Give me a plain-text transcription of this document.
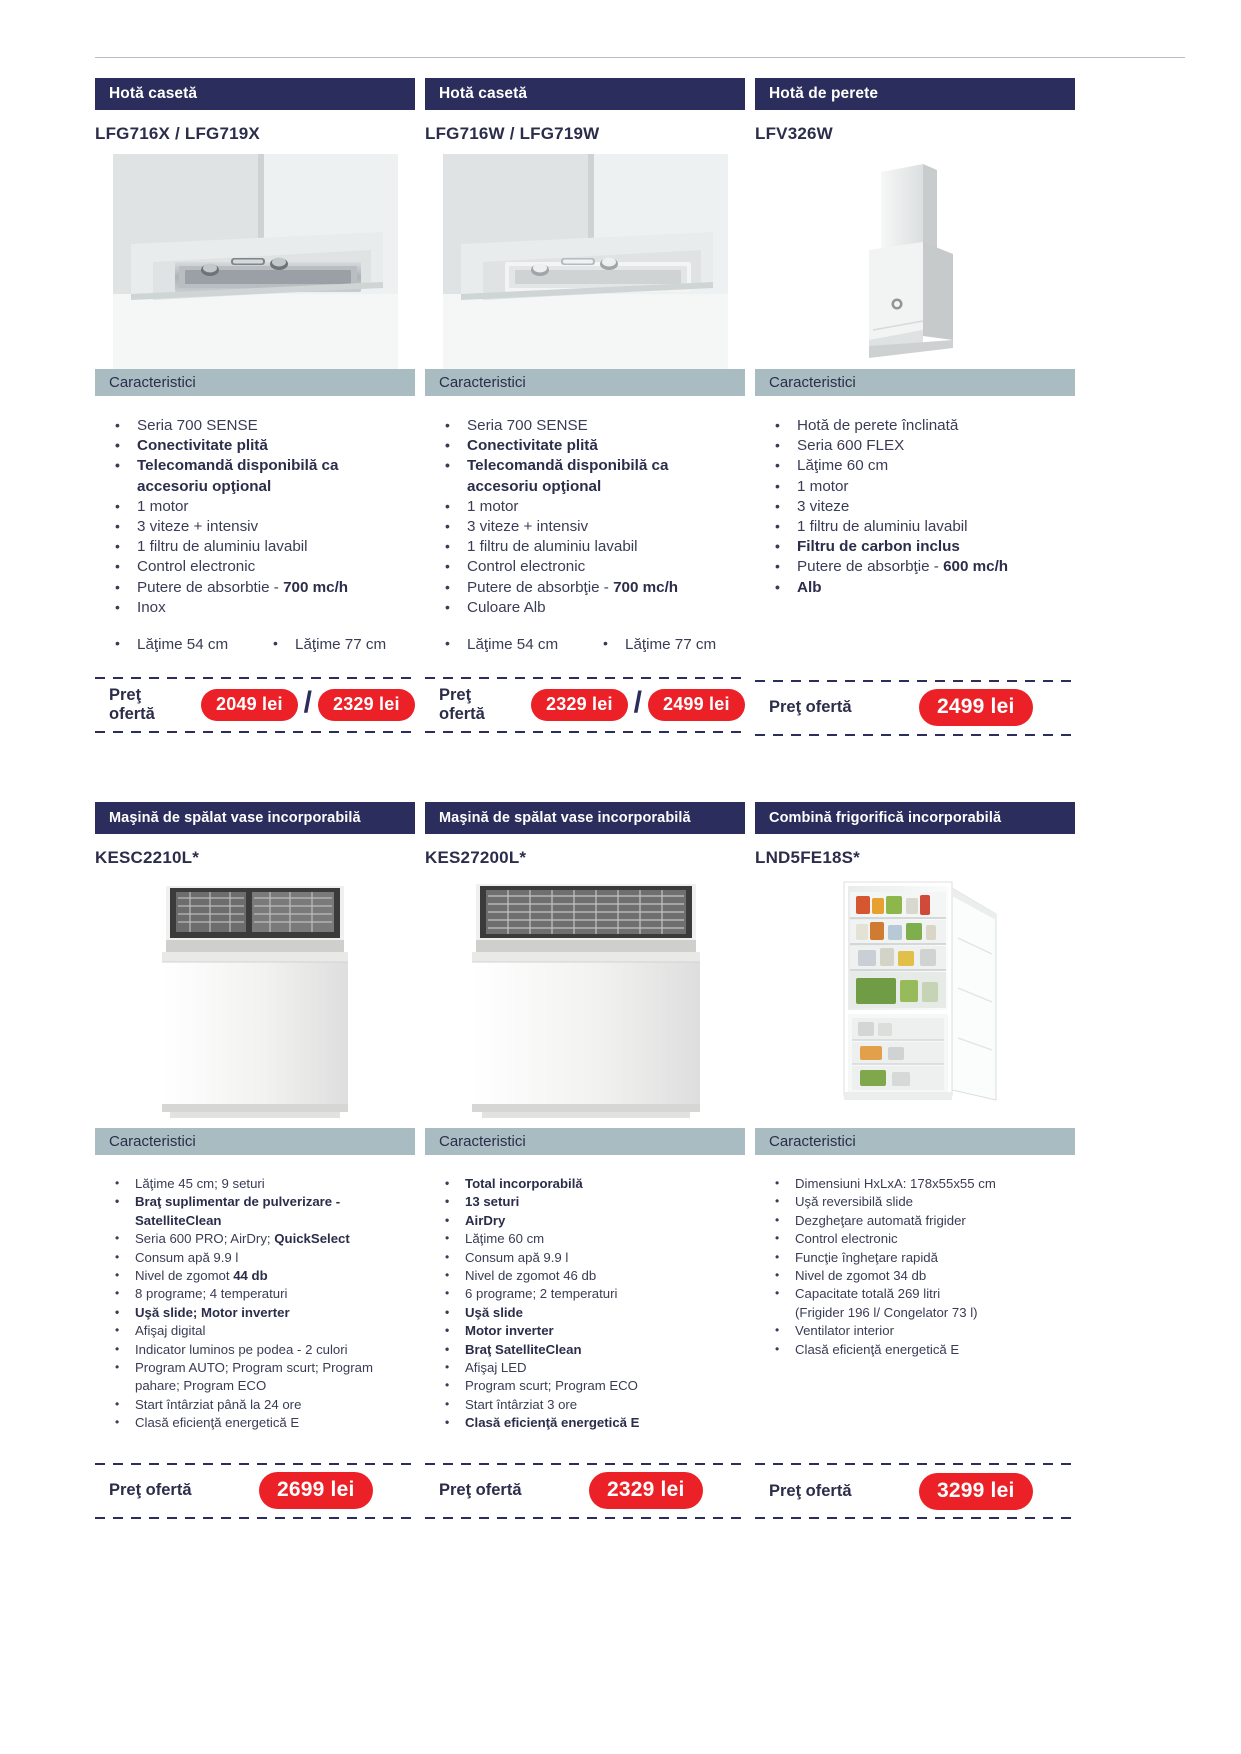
Hotă casetă
LFG716X / LFG719X
Caracteristici
• Seria 700 SENSE
• Conectivitate plită
• Telecomandă disponibilă ca accesoriu opţional
• 1 motor
• 3 viteze + intensiv
• 1 filtru de aluminiu lavabil
• Control electronic
• Putere de absorbtie - 700 mc/h
• Inox
• Lăţime 54 cm	• Lăţime 77 cm
Preţ
ofertă	2049 lei /	2329 lei
Hotă casetă
LFG716W / LFG719W
Caracteristici
• Seria 700 SENSE
• Conectivitate plită
• Telecomandă disponibilă ca accesoriu opţional
• 1 motor
• 3 viteze + intensiv
• 1 filtru de aluminiu lavabil
• Control electronic
• Putere de absorbţie - 700 mc/h
• Culoare Alb
• Lăţime 54 cm	• Lăţime 77 cm
Preţ
ofertă	2329 lei /	2499 lei
Hotă de perete
LFV326W
Caracteristici
• Hotă de perete înclinată
• Seria 600 FLEX
• Lăţime 60 cm
• 1 motor
• 3 viteze
• 1 filtru de aluminiu lavabil
• Filtru de carbon inclus
• Putere de absorbţie - 600 mc/h
• Alb
Preţ ofertă	2499 lei
Maşină de spălat vase incorporabilă
KESC2210L*
Caracteristici
• Lăţime 45 cm; 9 seturi
• Braţ suplimentar de pulverizare - SatelliteClean
• Seria 600 PRO; AirDry; QuickSelect
• Consum apă 9.9 l
• Nivel de zgomot 44 db
• 8 programe; 4 temperaturi
• Uşă slide; Motor inverter
• Afişaj digital
• Indicator luminos pe podea - 2 culori
• Program AUTO; Program scurt; Program pahare; Program ECO
• Start întârziat până la 24 ore
• Clasă eficienţă energetică E
Preţ ofertă	2699 lei
Maşină de spălat vase incorporabilă
KES27200L*
Caracteristici
• Total incorporabilă
• 13 seturi
• AirDry
• Lăţime 60 cm
• Consum apă 9.9 l
• Nivel de zgomot 46 db
• 6 programe; 2 temperaturi
• Uşă slide
• Motor inverter
• Braţ SatelliteClean
• Afişaj LED
• Program scurt; Program ECO
• Start întârziat 3 ore
• Clasă eficienţă energetică E
Preţ ofertă	2329 lei
Combină frigorifică incorporabilă
LND5FE18S*
Caracteristici
• Dimensiuni HxLxA: 178x55x55 cm
• Uşă reversibilă slide
• Dezgheţare automată frigider
• Control electronic
• Funcţie îngheţare rapidă
• Nivel de zgomot 34 db
• Capacitate totală 269 litri
(Frigider 196 l/ Congelator 73 l)
• Ventilator interior
• Clasă eficienţă energetică E
Preţ ofertă	3299 lei
